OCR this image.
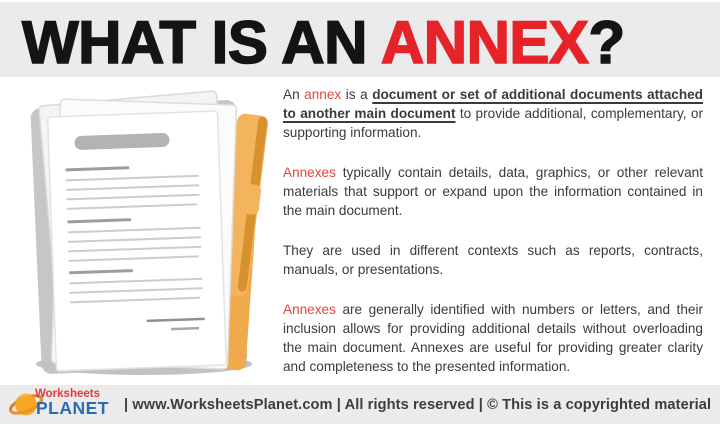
WHAT IS AN ANNEX?

An annex is a document or set of additional documents attached to another main document to provide additional, complementary, or supporting information.

Annexes typically contain details, data, graphics, or other relevant materials that support or expand upon the information contained in the main document.

They are used in different contexts such as reports, contracts, manuals, or presentations.

Annexes are generally identified with numbers or letters, and their inclusion allows for providing additional details without overloading the main document. Annexes are useful for providing greater clarity and completeness to the presented information.

Worksheets
PLANET | www.WorksheetsPlanet.com | All rights reserved | © This is a copyrighted material
